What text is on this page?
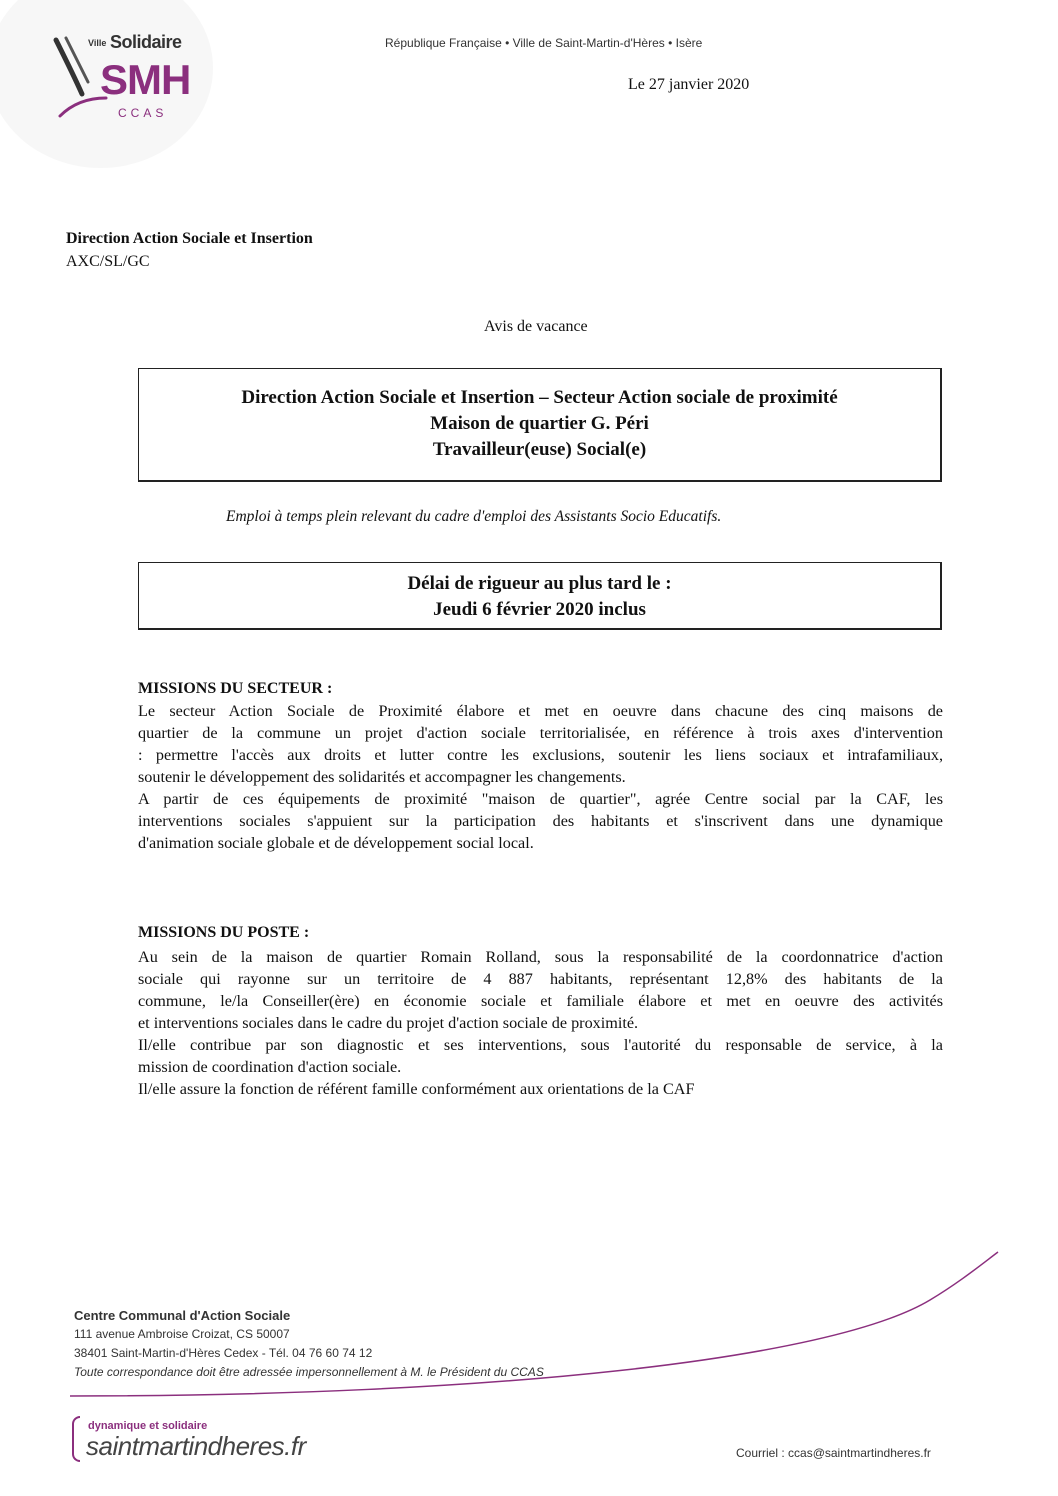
Ville Solidaire
SMH
CCAS
République Française • Ville de Saint-Martin-d'Hères • Isère
Le 27 janvier 2020
Direction Action Sociale et Insertion
AXC/SL/GC
Avis de vacance
Direction Action Sociale et Insertion – Secteur Action sociale de proximité
Maison de quartier G. Péri
Travailleur(euse) Social(e)
Emploi à temps plein relevant du cadre d'emploi des Assistants Socio Educatifs.
Délai de rigueur au plus tard le :
Jeudi 6 février 2020 inclus
MISSIONS DU SECTEUR :
Le secteur Action Sociale de Proximité élabore et met en oeuvre dans chacune des cinq maisons de
quartier de la commune un projet d'action sociale territorialisée, en référence à trois axes d'intervention
: permettre l'accès aux droits et lutter contre les exclusions, soutenir les liens sociaux et intrafamiliaux,
soutenir le développement des solidarités et accompagner les changements.
A partir de ces équipements de proximité "maison de quartier", agrée Centre social par la CAF, les
interventions sociales s'appuient sur la participation des habitants et s'inscrivent dans une dynamique
d'animation sociale globale et de développement social local.
MISSIONS DU POSTE :
Au sein de la maison de quartier Romain Rolland, sous la responsabilité de la coordonnatrice d'action
sociale qui rayonne sur un territoire de 4 887 habitants, représentant 12,8% des habitants de la
commune, le/la Conseiller(ère) en économie sociale et familiale élabore et met en oeuvre des activités
et interventions sociales dans le cadre du projet d'action sociale de proximité.
Il/elle contribue par son diagnostic et ses interventions, sous l'autorité du responsable de service, à la
mission de coordination d'action sociale.
Il/elle assure la fonction de référent famille conformément aux orientations de la CAF
Centre Communal d'Action Sociale
111 avenue Ambroise Croizat, CS 50007
38401 Saint-Martin-d'Hères Cedex - Tél. 04 76 60 74 12
Toute correspondance doit être adressée impersonnellement à M. le Président du CCAS
dynamique et solidaire
saintmartindheres.fr	Courriel : ccas@saintmartindheres.fr
